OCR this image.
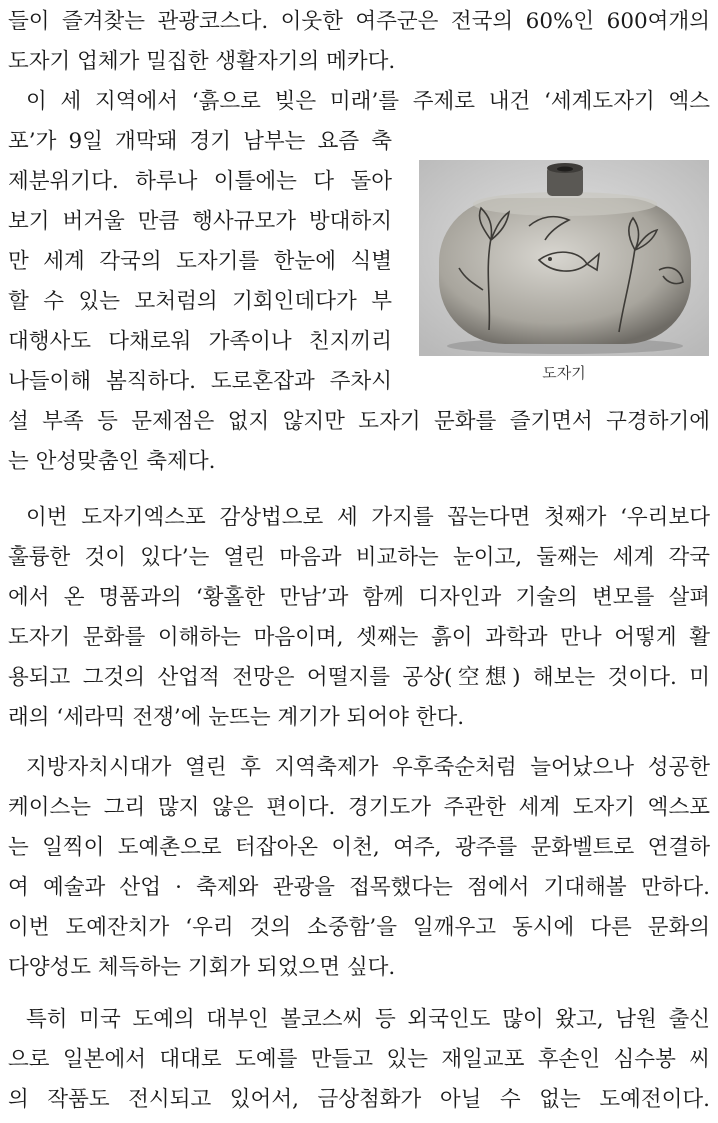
들이 즐겨찾는 관광코스다. 이웃한 여주군은 전국의 60%인 600여개의
도자기 업체가 밀집한 생활자기의 메카다.
이 세 지역에서 ‘흙으로 빚은 미래’를 주제로 내건 ‘세계도자기 엑스
포’가 9일 개막돼 경기 남부는 요즘 축
제분위기다. 하루나 이틀에는 다 돌아
보기 버거울 만큼 행사규모가 방대하지
만 세계 각국의 도자기를 한눈에 식별
할 수 있는 모처럼의 기회인데다가 부
대행사도 다채로워 가족이나 친지끼리
나들이해 봄직하다. 도로혼잡과 주차시
설 부족 등 문제점은 없지 않지만 도자기 문화를 즐기면서 구경하기에
는 안성맞춤인 축제다.
이번 도자기엑스포 감상법으로 세 가지를 꼽는다면 첫째가 ‘우리보다
훌륭한 것이 있다’는 열린 마음과 비교하는 눈이고, 둘째는 세계 각국
에서 온 명품과의 ‘황홀한 만남’과 함께 디자인과 기술의 변모를 살펴
도자기 문화를 이해하는 마음이며, 셋째는 흙이 과학과 만나 어떻게 활
용되고 그것의 산업적 전망은 어떨지를 공상(空想) 해보는 것이다. 미
래의 ‘세라믹 전쟁’에 눈뜨는 계기가 되어야 한다.
지방자치시대가 열린 후 지역축제가 우후죽순처럼 늘어났으나 성공한
케이스는 그리 많지 않은 편이다. 경기도가 주관한 세계 도자기 엑스포
는 일찍이 도예촌으로 터잡아온 이천, 여주, 광주를 문화벨트로 연결하
여 예술과 산업 · 축제와 관광을 접목했다는 점에서 기대해볼 만하다.
이번 도예잔치가 ‘우리 것의 소중함’을 일깨우고 동시에 다른 문화의
다양성도 체득하는 기회가 되었으면 싶다.
특히 미국 도예의 대부인 볼코스씨 등 외국인도 많이 왔고, 남원 출신
으로 일본에서 대대로 도예를 만들고 있는 재일교포 후손인 심수봉 씨
의 작품도 전시되고 있어서, 금상첨화가 아닐 수 없는 도예전이다.
도자기
